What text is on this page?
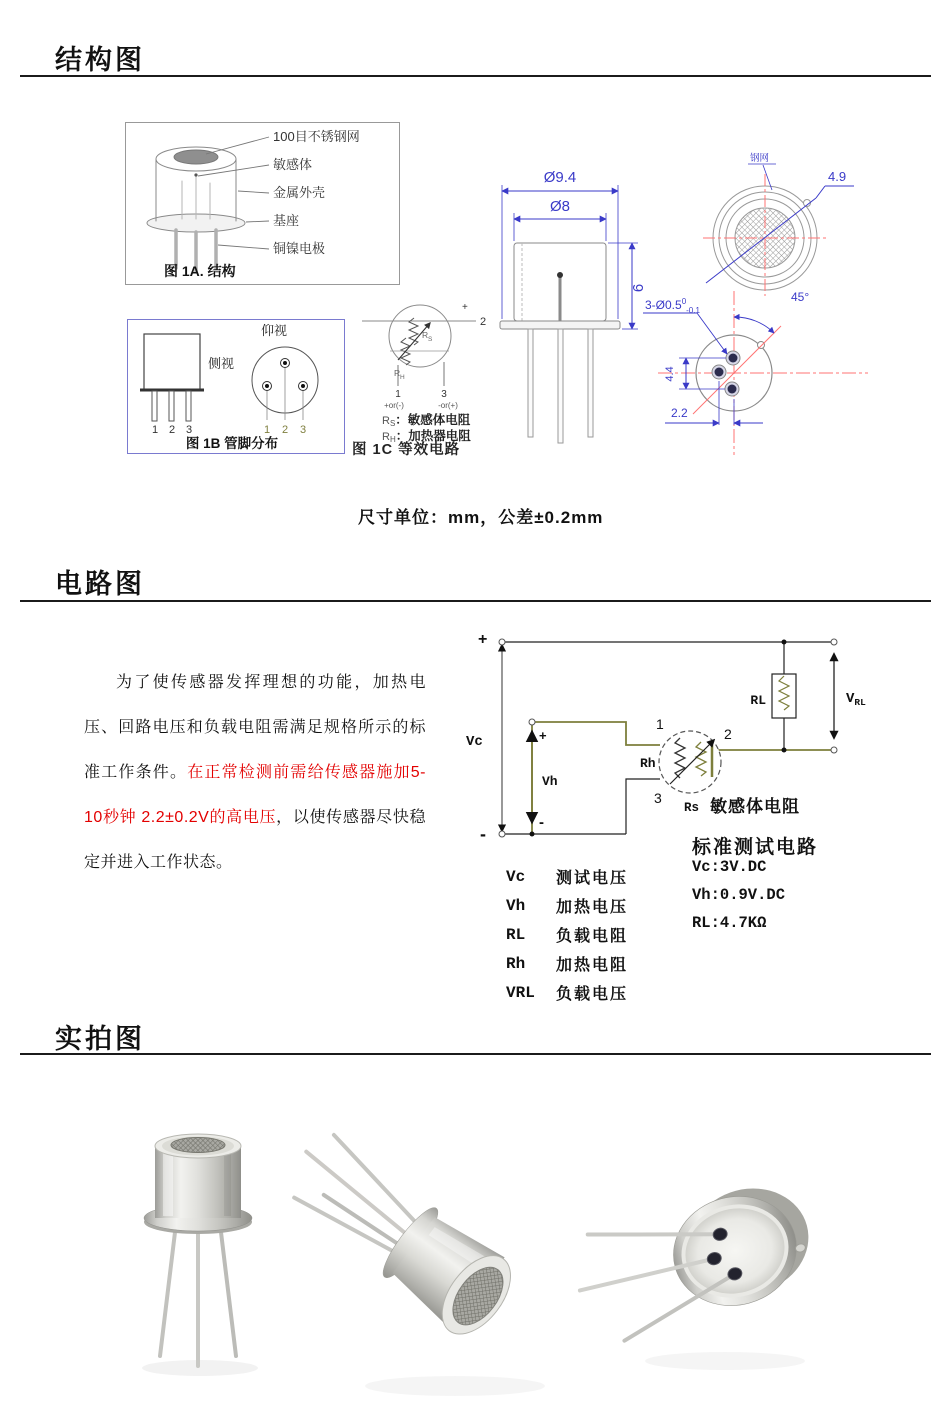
结构图
100目不锈钢网
敏感体
金属外壳
基座
铜镍电极
图 1A. 结构
1 2 3
侧视
仰视
1 2 3
图 1B 管脚分布
+
2
R S
R H
1	3
+or(-)	-or(+)
RS：敏感体电阻
RH：加热器电阻
图 1C 等效电路
Ø9.4
Ø8
6
钢网
4.9
$3-Ø0.5^0_{-0.1}$
45°
4.4
2.2
尺寸单位：mm，公差±0.2mm
电路图
为了使传感器发挥理想的功能，加热电压、回路电压和负载电阻需满足规格所示的标准工作条件。在正常检测前需给传感器施加5-10秒钟 2.2±0.2V的高电压，以使传感器尽快稳定并进入工作状态。
+
-
Vc	+
-
Vh
RL	VRL
Rh
1
2
3
Rs 敏感体电阻
标准测试电路
Vc	测试电压
Vh	加热电压
RL	负载电阻
Rh	加热电阻
VRL	负载电压
Vc:3V.DC
Vh:0.9V.DC
RL:4.7KΩ
实拍图
